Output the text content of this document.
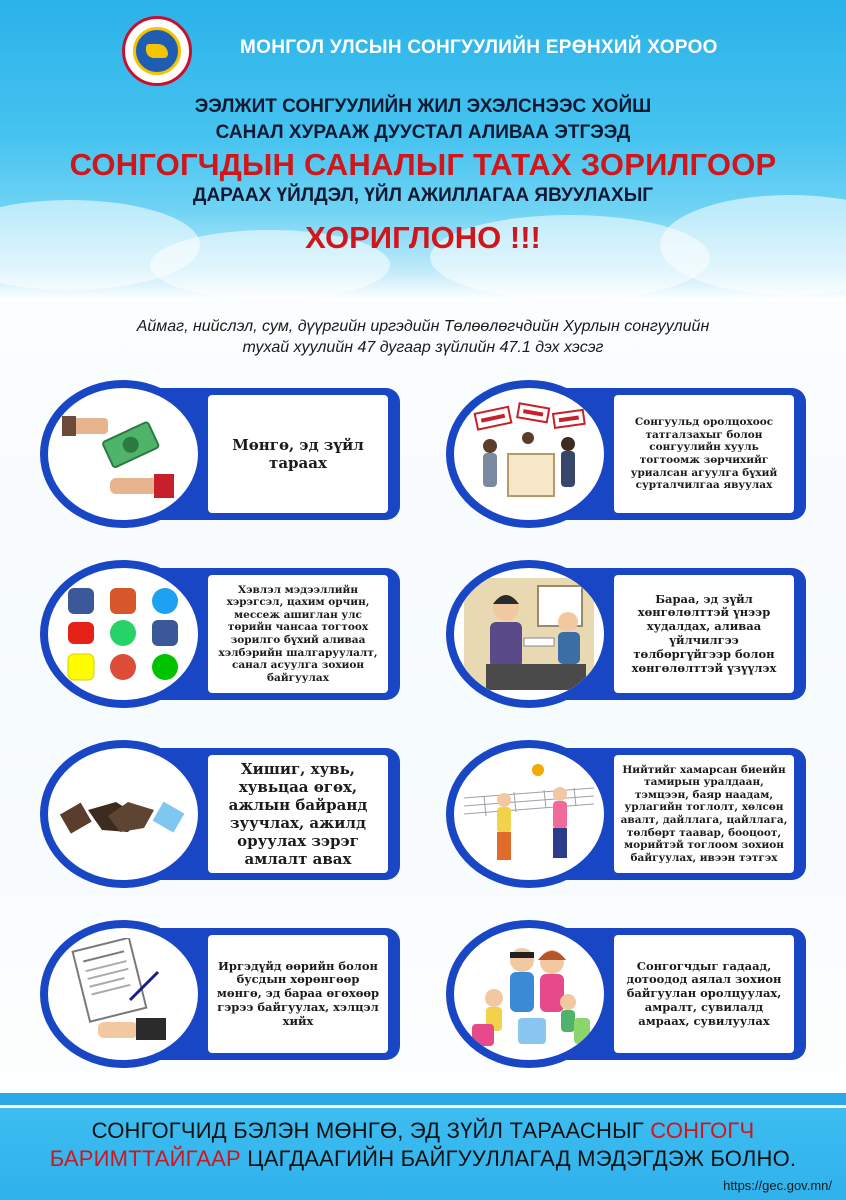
МОНГОЛ УЛСЫН СОНГУУЛИЙН ЕРӨНХИЙ ХОРОО
ЭЭЛЖИТ СОНГУУЛИЙН ЖИЛ ЭХЭЛСНЭЭС ХОЙШ
САНАЛ ХУРААЖ ДУУСТАЛ АЛИВАА ЭТГЭЭД
СОНГОГЧДЫН САНАЛЫГ ТАТАХ ЗОРИЛГООР
ДАРААХ ҮЙЛДЭЛ, ҮЙЛ АЖИЛЛАГАА ЯВУУЛАХЫГ
ХОРИГЛОНО !!!
Аймаг, нийслэл, сум, дүүргийн иргэдийн Төлөөлөгчдийн Хурлын сонгуулийн
тухай хуулийн 47 дугаар зүйлийн 47.1 дэх хэсэг
Мөнгө, эд зүйл тараах
Сонгуульд оролцохоос татгалзахыг болон сонгуулийн хууль тогтоомж зөрчихийг уриалсан агуулга бүхий сурталчилгаа явуулах
Хэвлэл мэдээллийн хэрэгсэл, цахим орчин, мессеж ашиглан улс төрийн чансаа тогтоох зорилго бүхий аливаа хэлбэрийн шалгаруулалт, санал асуулга зохион байгуулах
Бараа, эд зүйл хөнгөлөлттэй үнээр худалдах, аливаа үйлчилгээ төлбөргүйгээр болон хөнгөлөлттэй үзүүлэх
Хишиг, хувь, хувьцаа өгөх, ажлын байранд зуучлах, ажилд оруулах зэрэг амлалт авах
Нийтийг хамарсан биеийн тамирын уралдаан, тэмцээн, баяр наадам, урлагийн тоглолт, хөлсөн авалт, дайллага, цайллага, төлбөрт таавар, бооцоот, морийтэй тоглоом зохион байгуулах, ивээн тэтгэх
Иргэдүйд өөрийн болон бусдын хөрөнгөөр мөнгө, эд бараа өгөхөөр гэрээ байгуулах, хэлцэл хийх
Сонгогчдыг гадаад, дотоодод аялал зохион байгуулан оролцуулах, амралт, сувилалд амраах, сувилуулах
СОНГОГЧИД БЭЛЭН МӨНГӨ, ЭД ЗҮЙЛ ТАРААСНЫГ СОНГОГЧ
БАРИМТТАЙГААР ЦАГДААГИЙН БАЙГУУЛЛАГАД МЭДЭГДЭЖ БОЛНО.
https://gec.gov.mn/
